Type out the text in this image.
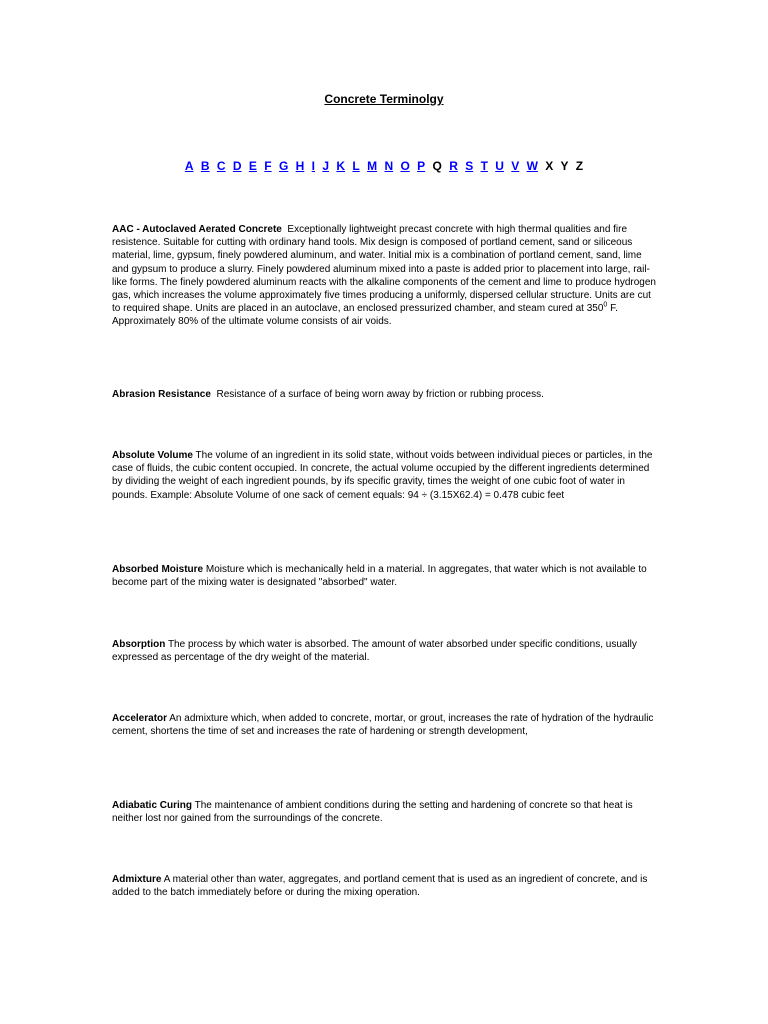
Concrete Terminolgy
A B C D E F G H I J K L M N O P Q R S T U V W X Y Z

AAC - Autoclaved Aerated Concrete Exceptionally lightweight precast concrete with high thermal qualities and fire resistence. Suitable for cutting with ordinary hand tools. Mix design is composed of portland cement, sand or siliceous material, lime, gypsum, finely powdered aluminum, and water. Initial mix is a combination of portland cement, sand, lime and gypsum to produce a slurry. Finely powdered aluminum mixed into a paste is added prior to placement into large, rail-like forms. The finely powdered aluminum reacts with the alkaline components of the cement and lime to produce hydrogen gas, which increases the volume approximately five times producing a uniformly, dispersed cellular structure. Units are cut to required shape. Units are placed in an autoclave, an enclosed pressurized chamber, and steam cured at $350^0$ F. Approximately 80% of the ultimate volume consists of air voids.

Abrasion Resistance Resistance of a surface of being worn away by friction or rubbing process.

Absolute Volume The volume of an ingredient in its solid state, without voids between individual pieces or particles, in the case of fluids, the cubic content occupied. In concrete, the actual volume occupied by the different ingredients determined by dividing the weight of each ingredient pounds, by ifs specific gravity, times the weight of one cubic foot of water in pounds. Example: Absolute Volume of one sack of cement equals: 94 ÷ (3.15X62.4) = 0.478 cubic feet

Absorbed Moisture Moisture which is mechanically held in a material. In aggregates, that water which is not available to become part of the mixing water is designated "absorbed" water.

Absorption The process by which water is absorbed. The amount of water absorbed under specific conditions, usually expressed as percentage of the dry weight of the material.

Accelerator An admixture which, when added to concrete, mortar, or grout, increases the rate of hydration of the hydraulic cement, shortens the time of set and increases the rate of hardening or strength development,

Adiabatic Curing The maintenance of ambient conditions during the setting and hardening of concrete so that heat is neither lost nor gained from the surroundings of the concrete.

Admixture A material other than water, aggregates, and portland cement that is used as an ingredient of concrete, and is added to the batch immediately before or during the mixing operation.
